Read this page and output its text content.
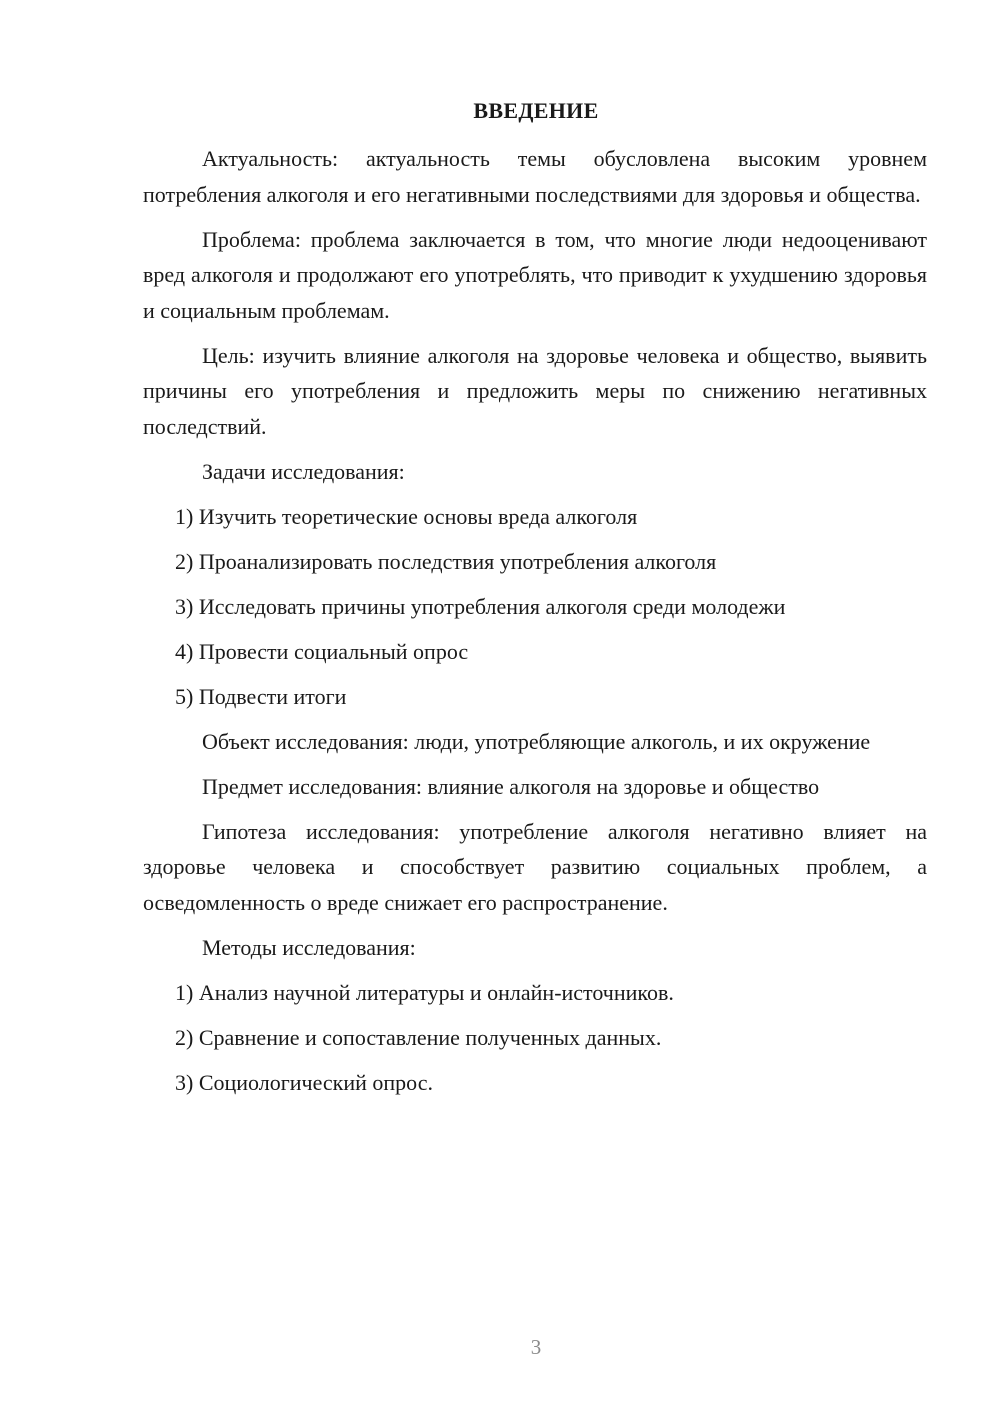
ВВЕДЕНИЕ

Актуальность: актуальность темы обусловлена высоким уровнем потребления алкоголя и его негативными последствиями для здоровья и общества.

Проблема: проблема заключается в том, что многие люди недооценивают вред алкоголя и продолжают его употреблять, что приводит к ухудшению здоровья и социальным проблемам.

Цель: изучить влияние алкоголя на здоровье человека и общество, выявить причины его употребления и предложить меры по снижению негативных последствий.

Задачи исследования:

1) Изучить теоретические основы вреда алкоголя
2) Проанализировать последствия употребления алкоголя
3) Исследовать причины употребления алкоголя среди молодежи
4) Провести социальный опрос
5) Подвести итоги

Объект исследования: люди, употребляющие алкоголь, и их окружение

Предмет исследования: влияние алкоголя на здоровье и общество

Гипотеза исследования: употребление алкоголя негативно влияет на здоровье человека и способствует развитию социальных проблем, а осведомленность о вреде снижает его распространение.

Методы исследования:

1) Анализ научной литературы и онлайн-источников.
2) Сравнение и сопоставление полученных данных.
3) Социологический опрос.
3
